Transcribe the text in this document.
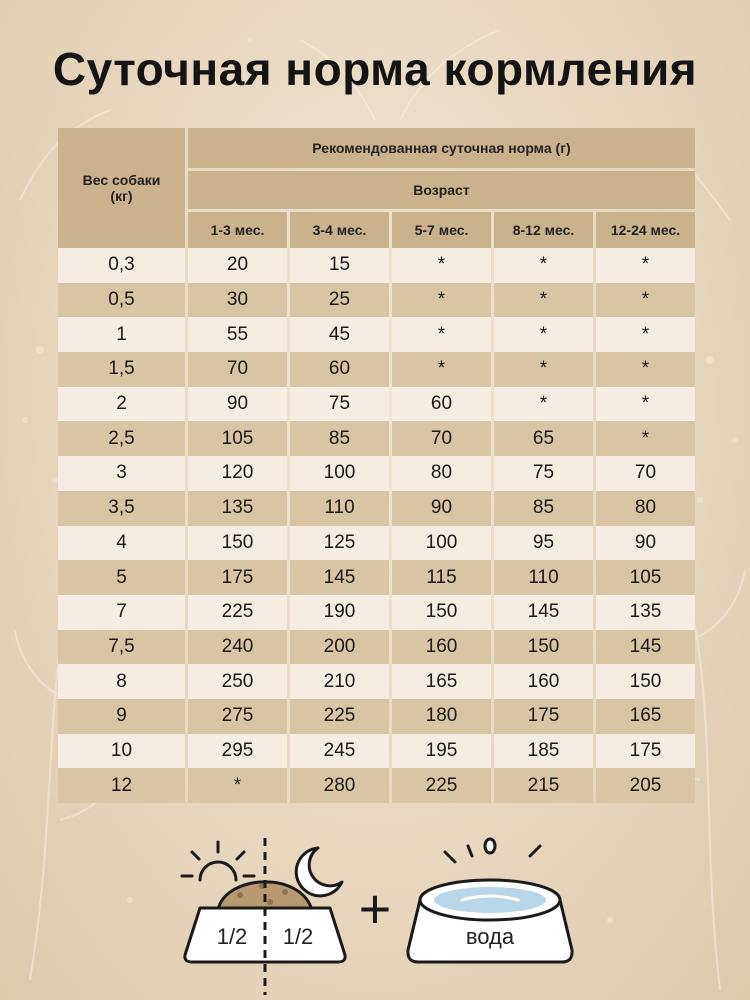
Суточная норма кормления
Вес собаки (кг)	Рекомендованная суточная норма (г)				

	Возраст				

	1-3 мес.	3-4 мес.	5-7 мес.	8-12 мес.	12-24 мес.
0,3	20	15	*	*	*
0,5	30	25	*	*	*
1	55	45	*	*	*
1,5	70	60	*	*	*
2	90	75	60	*	*
2,5	105	85	70	65	*
3	120	100	80	75	70
3,5	135	110	90	85	80
4	150	125	100	95	90
5	175	145	115	110	105
7	225	190	150	145	135
7,5	240	200	160	150	145
8	250	210	165	160	150
9	275	225	180	175	165
10	295	245	195	185	175
12	*	280	225	215	205
1/2 1/2 +	вода
